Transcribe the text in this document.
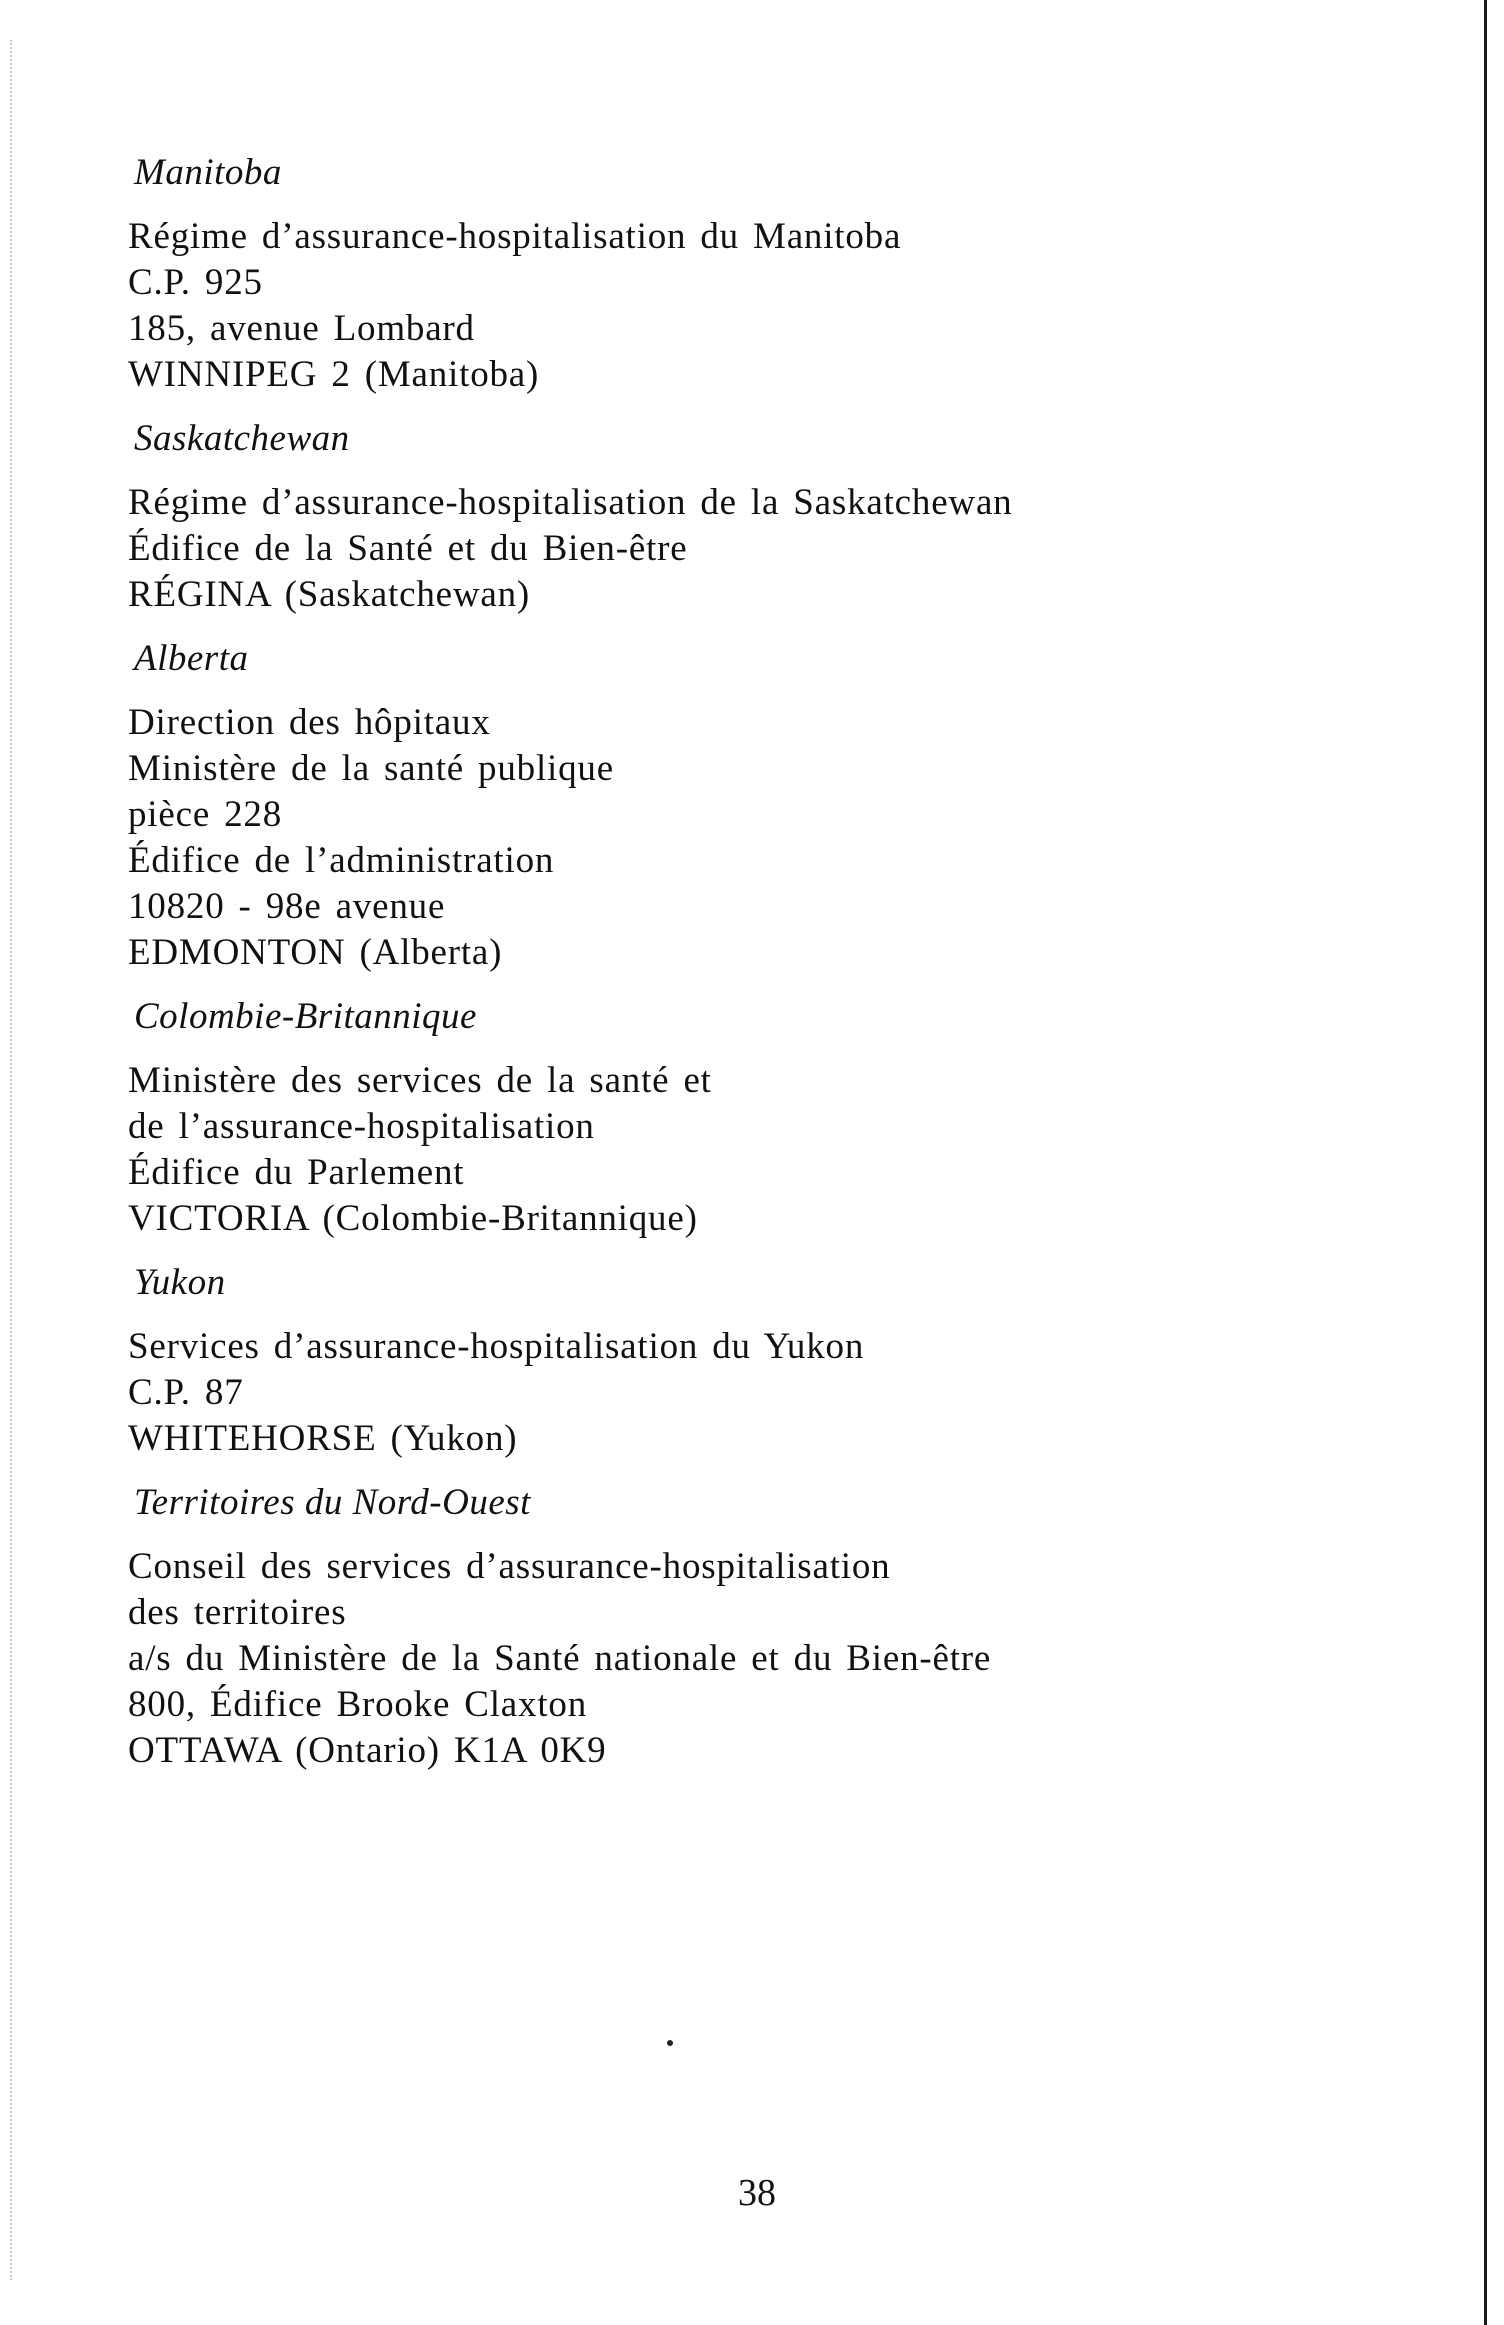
Manitoba
Régime d’assurance-hospitalisation du Manitoba
C.P. 925
185, avenue Lombard
WINNIPEG 2 (Manitoba)
Saskatchewan
Régime d’assurance-hospitalisation de la Saskatchewan
Édifice de la Santé et du Bien-être
RÉGINA (Saskatchewan)
Alberta
Direction des hôpitaux
Ministère de la santé publique
pièce 228
Édifice de l’administration
10820 - 98e avenue
EDMONTON (Alberta)
Colombie-Britannique
Ministère des services de la santé et
de l’assurance-hospitalisation
Édifice du Parlement
VICTORIA (Colombie-Britannique)
Yukon
Services d’assurance-hospitalisation du Yukon
C.P. 87
WHITEHORSE (Yukon)
Territoires du Nord-Ouest
Conseil des services d’assurance-hospitalisation
des territoires
a/s du Ministère de la Santé nationale et du Bien-être
800, Édifice Brooke Claxton
OTTAWA (Ontario) K1A 0K9
38
